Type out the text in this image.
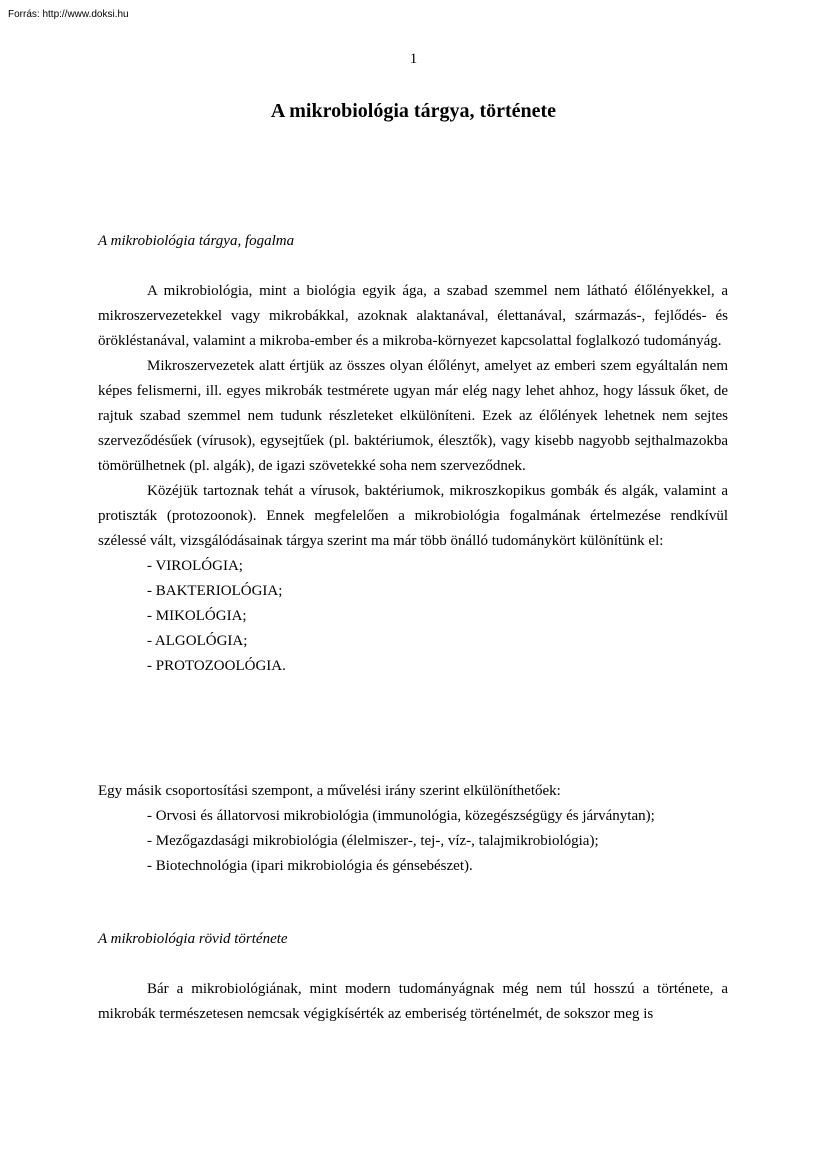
Forrás: http://www.doksi.hu
1
A mikrobiológia tárgya, története

A mikrobiológia tárgya, fogalma

A mikrobiológia, mint a biológia egyik ága, a szabad szemmel nem látható élőlényekkel, a mikroszervezetekkel vagy mikrobákkal, azoknak alaktanával, élettanával, származás-, fejlődés- és örökléstanával, valamint a mikroba-ember és a mikroba-környezet kapcsolattal foglalkozó tudományág.

Mikroszervezetek alatt értjük az összes olyan élőlényt, amelyet az emberi szem egyáltalán nem képes felismerni, ill. egyes mikrobák testmérete ugyan már elég nagy lehet ahhoz, hogy lássuk őket, de rajtuk szabad szemmel nem tudunk részleteket elkülöníteni. Ezek az élőlények lehetnek nem sejtes szerveződésűek (vírusok), egysejtűek (pl. baktériumok, élesztők), vagy kisebb nagyobb sejthalmazokba tömörülhetnek (pl. algák), de igazi szövetekké soha nem szerveződnek.

Közéjük tartoznak tehát a vírusok, baktériumok, mikroszkopikus gombák és algák, valamint a protiszták (protozoonok). Ennek megfelelően a mikrobiológia fogalmának értelmezése rendkívül szélessé vált, vizsgálódásainak tárgya szerint ma már több önálló tudománykört különítünk el:

- VIROLÓGIA;

- BAKTERIOLÓGIA;

- MIKOLÓGIA;

- ALGOLÓGIA;

- PROTOZOOLÓGIA.

Egy másik csoportosítási szempont, a művelési irány szerint elkülöníthetőek:

- Orvosi és állatorvosi mikrobiológia (immunológia, közegészségügy és járványtan);

- Mezőgazdasági mikrobiológia (élelmiszer-, tej-, víz-, talajmikrobiológia);

- Biotechnológia (ipari mikrobiológia és génsebészet).

A mikrobiológia rövid története

Bár a mikrobiológiának, mint modern tudományágnak még nem túl hosszú a története, a mikrobák természetesen nemcsak végigkísérték az emberiség történelmét, de sokszor meg is
